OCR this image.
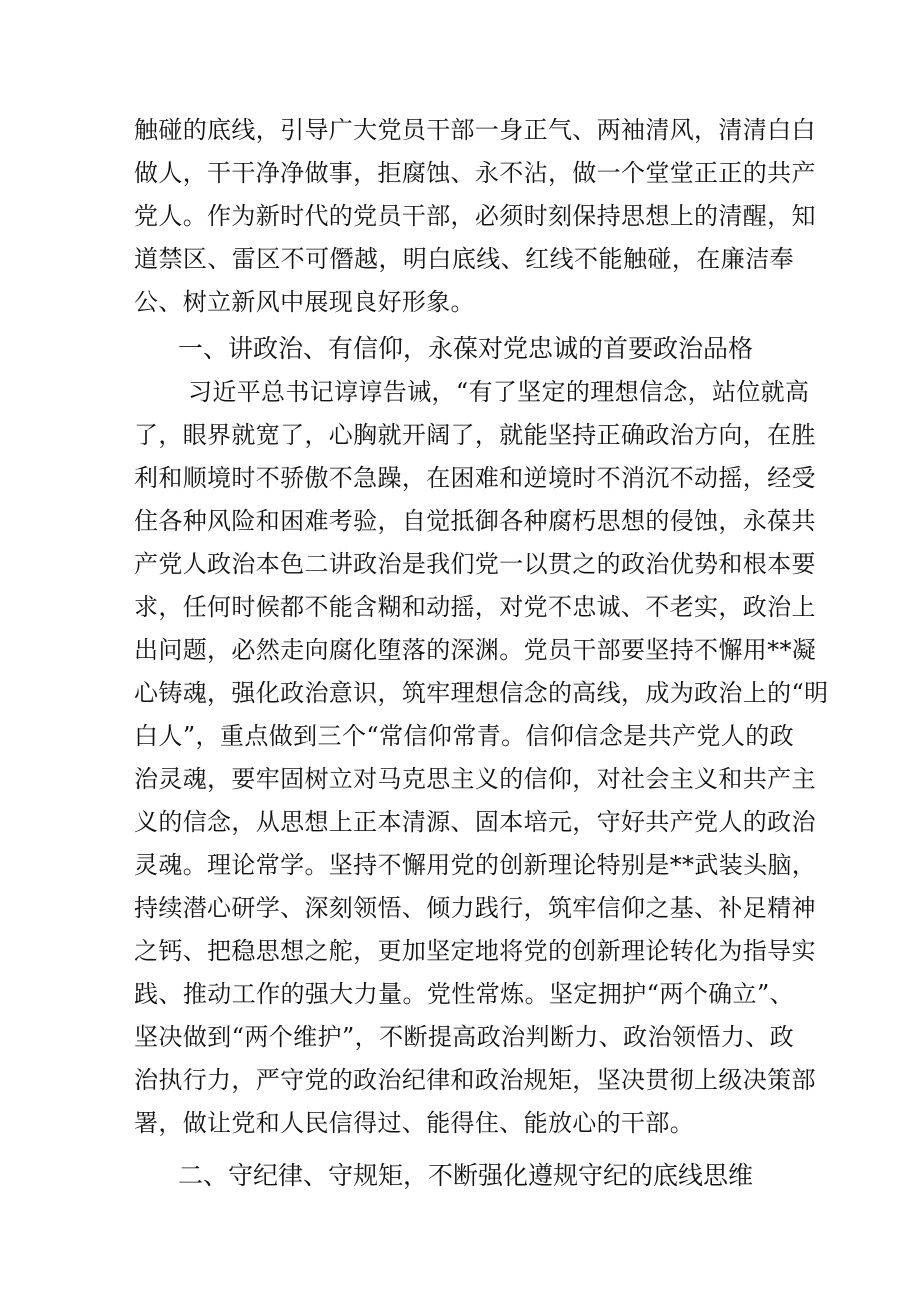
触碰的底线，引导广大党员干部一身正气、两袖清风，清清白白

做人，干干净净做事，拒腐蚀、永不沾，做一个堂堂正正的共产

党人。作为新时代的党员干部，必须时刻保持思想上的清醒，知

道禁区、雷区不可僭越，明白底线、红线不能触碰，在廉洁奉

公、树立新风中展现良好形象。

一、讲政治、有信仰，永葆对党忠诚的首要政治品格

习近平总书记谆谆告诫，“有了坚定的理想信念，站位就高

了，眼界就宽了，心胸就开阔了，就能坚持正确政治方向，在胜

利和顺境时不骄傲不急躁，在困难和逆境时不消沉不动摇，经受

住各种风险和困难考验，自觉抵御各种腐朽思想的侵蚀，永葆共

产党人政治本色二讲政治是我们党一以贯之的政治优势和根本要

求，任何时候都不能含糊和动摇，对党不忠诚、不老实，政治上

出问题，必然走向腐化堕落的深渊。党员干部要坚持不懈用**凝

心铸魂，强化政治意识，筑牢理想信念的高线，成为政治上的“明

白人”，重点做到三个“常信仰常青。信仰信念是共产党人的政

治灵魂，要牢固树立对马克思主义的信仰，对社会主义和共产主

义的信念，从思想上正本清源、固本培元，守好共产党人的政治

灵魂。理论常学。坚持不懈用党的创新理论特别是**武装头脑，

持续潜心研学、深刻领悟、倾力践行，筑牢信仰之基、补足精神

之钙、把稳思想之舵，更加坚定地将党的创新理论转化为指导实

践、推动工作的强大力量。党性常炼。坚定拥护“两个确立”、

坚决做到“两个维护”，不断提高政治判断力、政治领悟力、政

治执行力，严守党的政治纪律和政治规矩，坚决贯彻上级决策部

署，做让党和人民信得过、能得住、能放心的干部。

二、守纪律、守规矩，不断强化遵规守纪的底线思维
